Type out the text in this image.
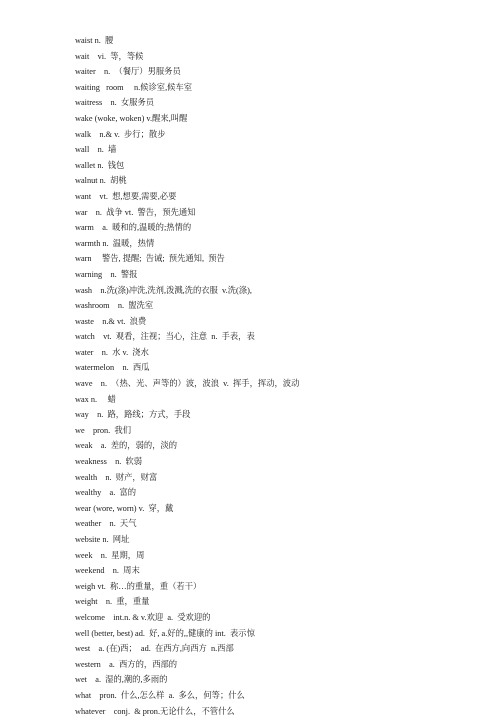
waist n.  腰
wait    vi.  等，等候
waiter    n.  （餐厅）男服务员
waiting   room     n.候诊室,候车室
waitress    n.  女服务员
wake (woke, woken) v.醒来,叫醒
walk    n.& v.  步行；散步
wall    n.  墙
wallet n.  钱包
walnut n.  胡桃
want    vt.  想,想要,需要,必要
war    n.  战争 vt.  警告，预先通知
warm    a.  暖和的,温暖的;热情的
warmth n.  温暖，热情
warn     警告, 提醒;  告诫;  预先通知,  预告
warning    n.  警报
wash    n.洗(涤)冲洗,洗剂,泼溅,洗的衣服  v.洗(涤),
washroom    n.  盥洗室
waste    n.& vt.  浪费
watch    vt.  观看，注视；当心，注意  n.  手表，表
water    n.  水 v.  浇水
watermelon    n.  西瓜
wave    n.  （热、光、声等的）波，波浪  v.  挥手，挥动，波动
wax n.     蜡
way    n.  路，路线；方式，手段
we    pron.  我们
weak    a.  差的，弱的，淡的
weakness    n.  软弱
wealth    n.  财产，财富
wealthy    a.  富的
wear (wore, worn) v.  穿，戴
weather    n.  天气
website n.  网址
week    n.  星期，周
weekend    n.  周末
weigh vt.  称…的重量，重（若干）
weight    n.  重，重量
welcome    int.n. & v.欢迎  a.  受欢迎的
well (better, best) ad.  好, a.好的,,健康的 int.  表示惊
west    a. (在)西；  ad.  在西方,向西方  n.西部
western    a.  西方的，西部的
wet    a.  湿的,潮的,多雨的
what    pron.  什么,怎么样  a.  多么，何等；什么
whatever    conj.  & pron.无论什么，不管什么
